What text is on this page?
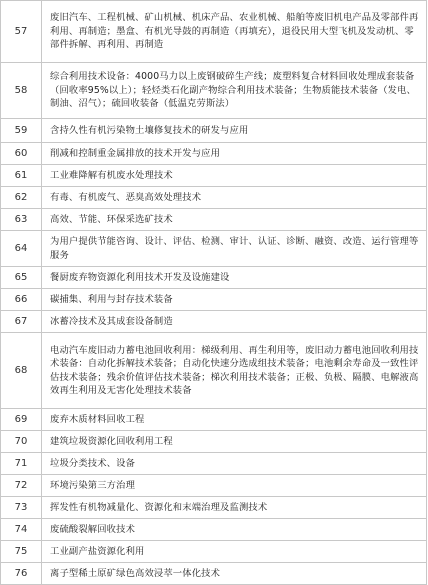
57	废旧汽车、工程机械、矿山机械、机床产品、农业机械、船舶等废旧机电产品及零部件再利用、再制造；墨盒、有机光导鼓的再制造（再填充），退役民用大型飞机及发动机、零部件拆解、再利用、再制造
58	综合利用技术设备：4000马力以上废钢破碎生产线；废塑料复合材料回收处理成套装备（回收率95%以上）；轻烃类石化副产物综合利用技术装备；生物质能技术装备（发电、制油、沼气）；硫回收装备（低温克劳斯法）
59	含持久性有机污染物土壤修复技术的研发与应用
60	削减和控制重金属排放的技术开发与应用
61	工业难降解有机废水处理技术
62	有毒、有机废气、恶臭高效处理技术
63	高效、节能、环保采选矿技术
64	为用户提供节能咨询、设计、评估、检测、审计、认证、诊断、融资、改造、运行管理等服务
65	餐厨废弃物资源化利用技术开发及设施建设
66	碳捕集、利用与封存技术装备
67	冰蓄冷技术及其成套设备制造
68	电动汽车废旧动力蓄电池回收利用：梯级利用、再生利用等，废旧动力蓄电池回收利用技术装备：自动化拆解技术装备；自动化快速分选成组技术装备；电池剩余寿命及一致性评估技术装备；残余价值评估技术装备；梯次利用技术装备；正极、负极、隔膜、电解液高效再生利用及无害化处理技术装备
69	废弃木质材料回收工程
70	建筑垃圾资源化回收利用工程
71	垃圾分类技术、设备
72	环境污染第三方治理
73	挥发性有机物减量化、资源化和末端治理及监测技术
74	废硫酸裂解回收技术
75	工业副产盐资源化利用
76	离子型稀土原矿绿色高效浸萃一体化技术
